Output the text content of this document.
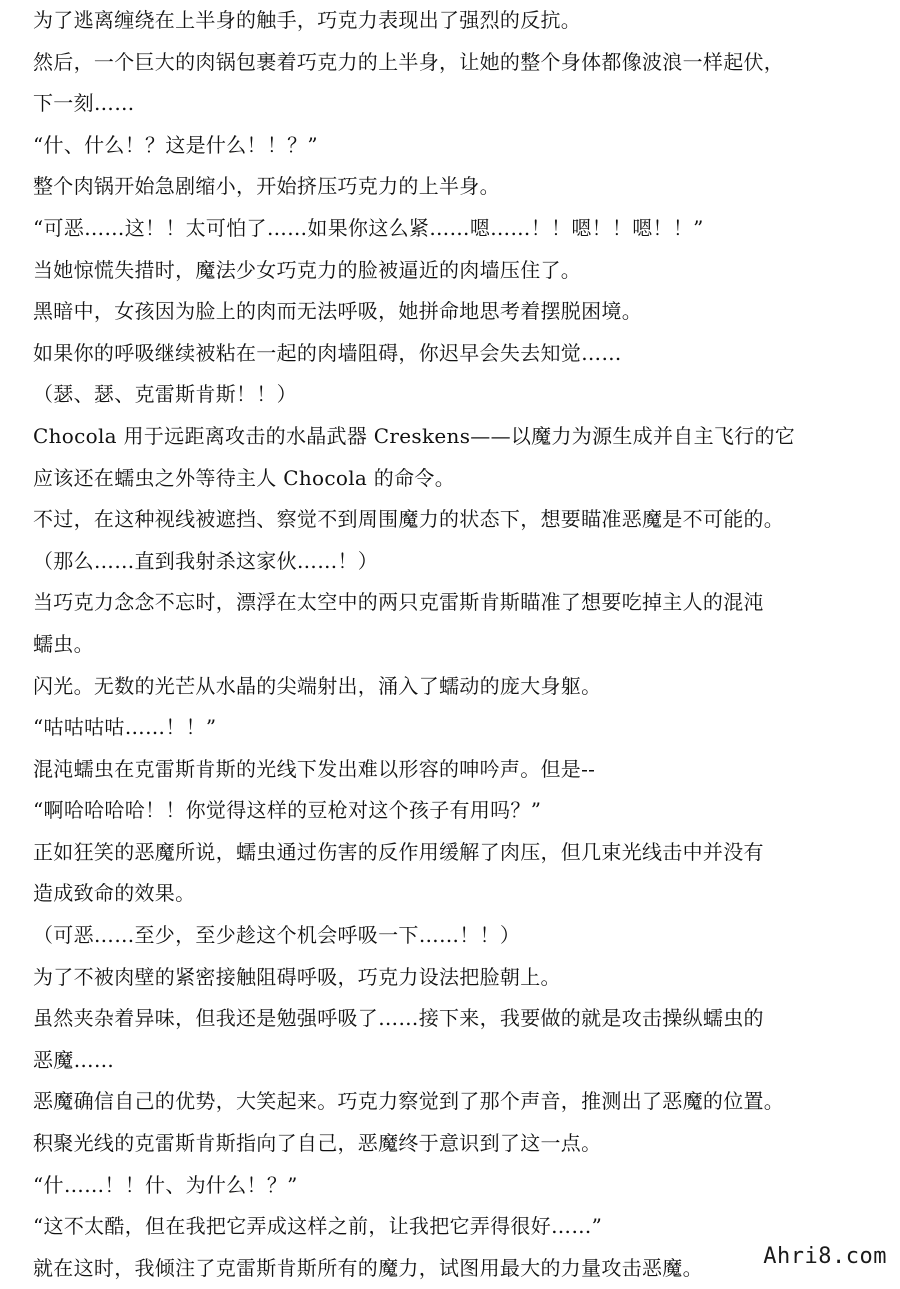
为了逃离缠绕在上半身的触手，巧克力表现出了强烈的反抗。
然后，一个巨大的肉锅包裹着巧克力的上半身，让她的整个身体都像波浪一样起伏，
下一刻……
“什、什么！？这是什么！！？”
整个肉锅开始急剧缩小，开始挤压巧克力的上半身。
“可恶……这！！太可怕了……如果你这么紧……嗯……！！嗯！！嗯！！”
当她惊慌失措时，魔法少女巧克力的脸被逼近的肉墙压住了。
黑暗中，女孩因为脸上的肉而无法呼吸，她拼命地思考着摆脱困境。
如果你的呼吸继续被粘在一起的肉墙阻碍，你迟早会失去知觉……
（瑟、瑟、克雷斯肯斯！！）
Chocola 用于远距离攻击的水晶武器 Creskens——以魔力为源生成并自主飞行的它
应该还在蠕虫之外等待主人 Chocola 的命令。
不过，在这种视线被遮挡、察觉不到周围魔力的状态下，想要瞄准恶魔是不可能的。
（那么……直到我射杀这家伙……！）
当巧克力念念不忘时，漂浮在太空中的两只克雷斯肯斯瞄准了想要吃掉主人的混沌
蠕虫。
闪光。无数的光芒从水晶的尖端射出，涌入了蠕动的庞大身躯。
“咕咕咕咕……！！”
混沌蠕虫在克雷斯肯斯的光线下发出难以形容的呻吟声。但是--
“啊哈哈哈哈！！你觉得这样的豆枪对这个孩子有用吗？”
正如狂笑的恶魔所说，蠕虫通过伤害的反作用缓解了肉压，但几束光线击中并没有
造成致命的效果。
（可恶……至少，至少趁这个机会呼吸一下……！！）
为了不被肉壁的紧密接触阻碍呼吸，巧克力设法把脸朝上。
虽然夹杂着异味，但我还是勉强呼吸了……接下来，我要做的就是攻击操纵蠕虫的
恶魔……
恶魔确信自己的优势，大笑起来。巧克力察觉到了那个声音，推测出了恶魔的位置。
积聚光线的克雷斯肯斯指向了自己，恶魔终于意识到了这一点。
“什……！！什、为什么！？”
“这不太酷，但在我把它弄成这样之前，让我把它弄得很好……”
就在这时，我倾注了克雷斯肯斯所有的魔力，试图用最大的力量攻击恶魔。	Ahri8.com
